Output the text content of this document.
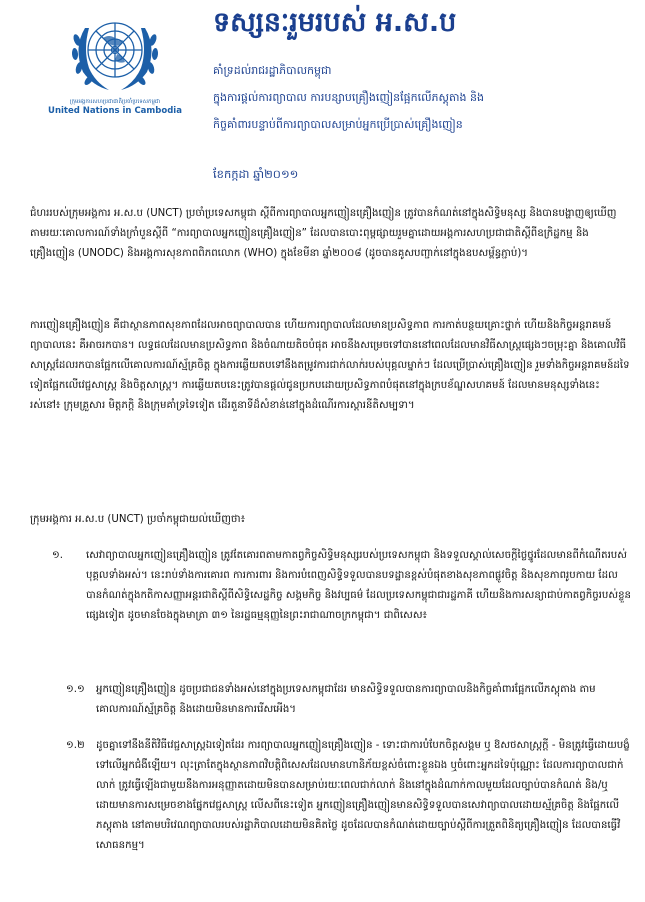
ក្រុមអង្គការសហប្រជាជាតិប្រចាំប្រទេសកម្ពុជា
United Nations in Cambodia
ទស្សនៈរួមរបស់ អ.ស.ប
គាំទ្រដល់រាជរដ្ឋាភិបាលកម្ពុជា
ក្នុងការផ្តល់ការព្យាបាល ការបន្សាបគ្រឿងញៀនផ្អែកលើភស្តុតាង និង
កិច្ចគាំពារបន្ទាប់ពីការព្យាបាលសម្រាប់អ្នកប្រើប្រាស់គ្រឿងញៀន
ខែកក្កដា ឆ្នាំ២០១១
ជំហររបស់ក្រុមអង្គការ អ.ស.ប (UNCT) ប្រចាំប្រទេសកម្ពុជា ស្តីពីការព្យាបាលអ្នកញៀនគ្រឿងញៀន ត្រូវបានកំណត់នៅក្នុងសិទ្ធិមនុស្ស និងបានបង្ហាញឲ្យឃើញតាមរយៈគោលការណ៍ទាំងក្រាំបួនស្តីពី “ការព្យាបាលអ្នកញៀនគ្រឿងញៀន” ដែលបានបោះពុម្ពផ្សាយរួមគ្នាដោយអង្គការសហប្រជាជាតិស្តីពីឧក្រិដ្ឋកម្ម និងគ្រឿងញៀន (UNODC) និងអង្គការសុខភាពពិភពលោក (WHO) ក្នុងខែមីនា ឆ្នាំ២០០៨ (ដូចបានគូសបញ្ជាក់នៅក្នុងឧបសម្ព័ន្ធភ្ជាប់)។
ការញៀនគ្រឿងញៀន គឺជាស្ថានភាពសុខភាពដែលអាចព្យាបាលបាន ហើយការព្យាបាលដែលមានប្រសិទ្ធភាព ការកាត់បន្ថយគ្រោះថ្នាក់ ហើយនិងកិច្ចអន្តរាគមន៍ព្យាបាលនេះ គឺអាចរកបាន។ លទ្ធផលដែលមានប្រសិទ្ធភាព និងចំណាយតិចបំផុត អាចនឹងសម្រេចទៅបាននៅពេលដែលមានវិធីសាស្ត្រផ្សេងៗចម្រុះគ្នា និងគោលវិធីសាស្ត្រដែលរកបានផ្អែកលើគោលការណ៍ស្ម័គ្រចិត្ត ក្នុងការឆ្លើយតបទៅនឹងតម្រូវការជាក់លាក់របស់បុគ្គលម្នាក់ៗ ដែលប្រើប្រាស់គ្រឿងញៀន រួមទាំងកិច្ចអន្តរាគមន៍ដទៃទៀតផ្អែកលើវេជ្ជសាស្ត្រ និងចិត្តសាស្ត្រ។ ការឆ្លើយតបនេះត្រូវបានផ្តល់ជូនប្រកបដោយប្រសិទ្ធភាពបំផុតនៅក្នុងក្របខ័ណ្ឌសហគមន៍ ដែលមានមនុស្សទាំងនេះរស់នៅ៖ ក្រុមគ្រួសារ មិត្តភក្តិ និងក្រុមគាំទ្រទៃទៀត ដើរតួនាទីដ៏សំខាន់នៅក្នុងដំណើរការស្តារនីតិសម្បទា។
ក្រុមអង្គការ អ.ស.ប (UNCT) ប្រចាំកម្ពុជាយល់ឃើញថា៖
១. សេវាព្យាបាលអ្នកញៀនគ្រឿងញៀន ត្រូវតែគោរពតាមកាតព្វកិច្ចសិទ្ធិមនុស្សរបស់ប្រទេសកម្ពុជា និងទទួលស្គាល់សេចក្តីថ្លៃថ្នូរដែលមានពីកំណើតរបស់បុគ្គលទាំងអស់។ នេះរាប់ទាំងការគោរព ការការពារ និងការបំពេញសិទ្ធិទទួលបានបទដ្ឋានខ្ពស់បំផុតខាងសុខភាពផ្លូវចិត្ត និងសុខភាពរូបកាយ ដែលបានកំណត់ក្នុងកតិកាសញ្ញាអន្តរជាតិស្តីពីសិទ្ធិសេដ្ឋកិច្ច សង្គមកិច្ច និងវប្បធម៌ ដែលប្រទេសកម្ពុជាជារដ្ឋភាគី ហើយនិងការសន្យាជាប់កាតព្វកិច្ចរបស់ខ្លួនផ្សេងទៀត ដូចមានចែងក្នុងមាត្រា ៣១ នៃរដ្ឋធម្មនុញ្ញនៃព្រះរាជាណាចក្រកម្ពុជា។ ជាពិសេស៖
១.១ អ្នកញៀនគ្រឿងញៀន ដូចប្រជាជនទាំងអស់នៅក្នុងប្រទេសកម្ពុជាដែរ មានសិទ្ធិទទួលបានការព្យាបាលនិងកិច្ចគាំពារផ្អែកលើភស្តុតាង តាមគោលការណ៍ស្ម័គ្រចិត្ត និងដោយមិនមានការរើសអើង។
១.២ ដូចគ្នាទៅនឹងនីតិវិធីវេជ្ជសាស្ត្រឯទៀតដែរ ការព្យាបាលអ្នកញៀនគ្រឿងញៀន - ទោះជាការបំបែកចិត្តសង្គម ឬ ឱសថសាស្ត្រក្តី - មិនត្រូវធ្វើដោយបង្ខំទៅលើអ្នកជំងឺឡើយ។ លុះត្រាតែក្នុងស្ថានភាពវិបត្តិពិសេសដែលមានហានិភ័យខ្ពស់ចំពោះខ្លួនឯង ឬចំពោះអ្នកដទៃប៉ុណ្ណោះ ដែលការព្យាបាលជាក់លាក់ ត្រូវធ្វើឡើងជាមួយនឹងការអនុញ្ញាតដោយមិនបានសម្រាប់រយៈពេលជាក់លាក់ និងនៅក្នុងដំណាក់កាលមួយដែលច្បាប់បានកំណត់ និង/ឬ ដោយមានការសម្រេចខាងផ្នែកវេជ្ជសាស្ត្រ លើសពីនេះទៀត អ្នកញៀនគ្រឿងញៀនមានសិទ្ធិទទួលបានសេវាព្យាបាលដោយស្ម័គ្រចិត្ត និងផ្អែកលើភស្តុតាង នៅតាមបរិវេណព្យាបាលរបស់រដ្ឋាភិបាលដោយមិនគិតថ្លៃ ដូចដែលបានកំណត់ដោយច្បាប់ស្តីពីការត្រួតពិនិត្យគ្រឿងញៀន ដែលបានធ្វើវិសោធនកម្ម។
